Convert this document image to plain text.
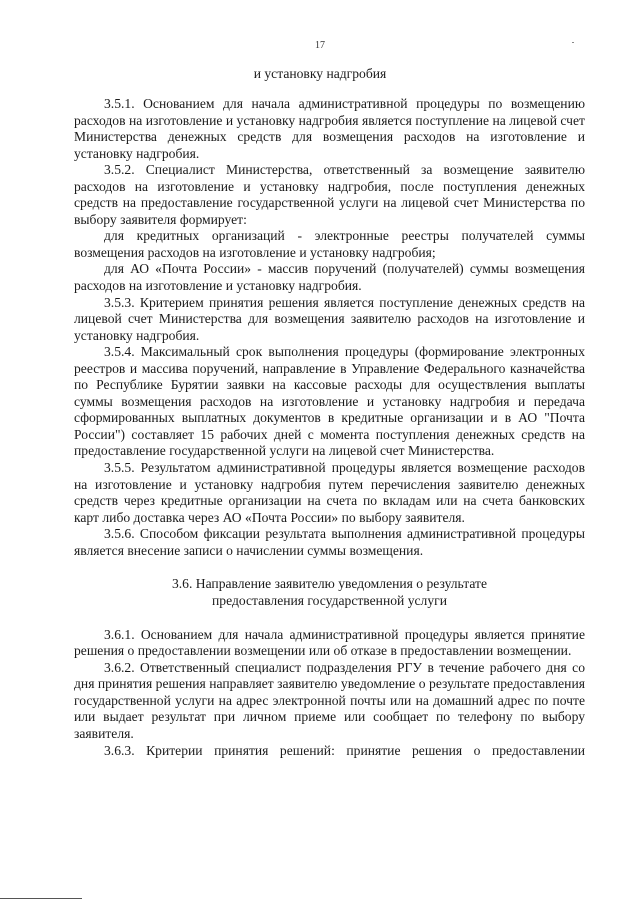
17
и установку надгробия

3.5.1. Основанием для начала административной процедуры по возмещению расходов на изготовление и установку надгробия является поступление на лицевой счет Министерства денежных средств для возмещения расходов на изготовление и установку надгробия.

3.5.2. Специалист Министерства, ответственный за возмещение заявителю расходов на изготовление и установку надгробия, после поступления денежных средств на предоставление государственной услуги на лицевой счет Министерства по выбору заявителя формирует:

для кредитных организаций - электронные реестры получателей суммы возмещения расходов на изготовление и установку надгробия;

для АО «Почта России» - массив поручений (получателей) суммы возмещения расходов на изготовление и установку надгробия.

3.5.3. Критерием принятия решения является поступление денежных средств на лицевой счет Министерства для возмещения заявителю расходов на изготовление и установку надгробия.

3.5.4. Максимальный срок выполнения процедуры (формирование электронных реестров и массива поручений, направление в Управление Федерального казначейства по Республике Бурятии заявки на кассовые расходы для осуществления выплаты суммы возмещения расходов на изготовление и установку надгробия и передача сформированных выплатных документов в кредитные организации и в АО "Почта России") составляет 15 рабочих дней с момента поступления денежных средств на предоставление государственной услуги на лицевой счет Министерства.

3.5.5. Результатом административной процедуры является возмещение расходов на изготовление и установку надгробия путем перечисления заявителю денежных средств через кредитные организации на счета по вкладам или на счета банковских карт либо доставка через АО «Почта России» по выбору заявителя.

3.5.6. Способом фиксации результата выполнения административной процедуры является внесение записи о начислении суммы возмещения.

3.6. Направление заявителю уведомления о результате
предоставления государственной услуги

3.6.1. Основанием для начала административной процедуры является принятие решения о предоставлении возмещении или об отказе в предоставлении возмещении.

3.6.2. Ответственный специалист подразделения РГУ в течение рабочего дня со дня принятия решения направляет заявителю уведомление о результате предоставления государственной услуги на адрес электронной почты или на домашний адрес по почте или выдает результат при личном приеме или сообщает по телефону по выбору заявителя.

3.6.3. Критерии принятия решений: принятие решения о предоставлении
